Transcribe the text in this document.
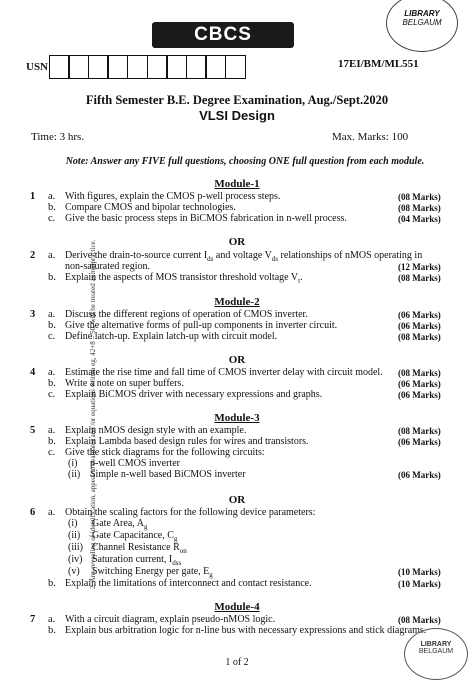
CBCS SCHEME
LIBRARY
BELGAUM
USN	17EI/BM/ML551
Fifth Semester B.E. Degree Examination, Aug./Sept.2020
VLSI Design
Time: 3 hrs.	Max. Marks: 100
Note: Answer any FIVE full questions, choosing ONE full question from each module.
2. Any revealing of identification, appeal to evaluator and /or equations written eg, 42+8 = 50, will be treated as malpractice.
Module-1
1 a. With figures, explain the CMOS p-well process steps.	(08 Marks)
b. Compare CMOS and bipolar technologies.	(08 Marks)
c. Give the basic process steps in BiCMOS fabrication in n-well process.	(04 Marks)
OR
2 a. Derive the drain-to-source current $I_{ds}$ and voltage $V_{ds}$ relationships of nMOS operating in
non-saturated region.	(12 Marks)
b. Explain the aspects of MOS transistor threshold voltage $V_t$.	(08 Marks)
Module-2
3 a. Discuss the different regions of operation of CMOS inverter.	(06 Marks)
b. Give the alternative forms of pull-up components in inverter circuit.	(06 Marks)
c. Define latch-up. Explain latch-up with circuit model.	(08 Marks)
OR
4 a. Estimate the rise time and fall time of CMOS inverter delay with circuit model. (08 Marks)
b. Write a note on super buffers.	(06 Marks)
c. Explain BiCMOS driver with necessary expressions and graphs.	(06 Marks)
Module-3
5 a. Explain nMOS design style with an example.	(08 Marks)
b. Explain Lambda based design rules for wires and transistors.	(06 Marks)
c. Give the stick diagrams for the following circuits:
(i) p-well CMOS inverter
(ii) Simple n-well based BiCMOS inverter	(06 Marks)
OR
6 a. Obtain the scaling factors for the following device parameters:
(i) Gate Area, $A_g$
(ii) Gate Capacitance, $C_g$
(iii) Channel Resistance $R_{on}$
(iv) Saturation current, $I_{dss}$
(v) Switching Energy per gate, $E_g$	(10 Marks)
b. Explain the limitations of interconnect and contact resistance.	(10 Marks)
Module-4
7 a. With a circuit diagram, explain pseudo-nMOS logic.	(08 Marks)
b. Explain bus arbitration logic for n-line bus with necessary expressions and stick diagrams.
LIBRARY
BELGAUM
1 of 2
